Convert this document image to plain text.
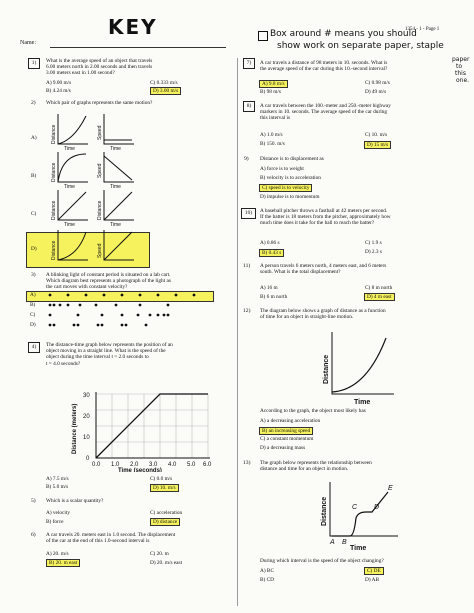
Name:
KEY	1354 - 1 - Page 1
Box around # means you should
show work on separate paper, staple
paper
to
this
one.
1)	What is the average speed of an object that travels
6.00 meters north in 2.00 seconds and then travels
3.00 meters east in 1.00 second?
A) 9.00 m/s
B) 4.24 m/s
C) 0.333 m/s
D) 3.00 m/s
2) Which pair of graphs represents the same motion?
A)
B)
C)
D)
Time	Time
Time	Time
Time	Time
Distance	Speed
Distance	Speed
Distance	Distance
Distance	Speed
3) A blinking light of constant period is situated on a lab cart.
Which diagram best represents a photograph of the light as
the cart moves with constant velocity?
A)
B)
C)
D)
4)	The distance-time graph below represents the position of an
object moving in a straight line. What is the speed of the
object during the time interval t = 2.0 seconds to
t = 4.0 seconds?
0
10
20
30
0.0 1.0 2.0 3.0 4.0 5.0 6.0
Time (seconds)
Distance (meters)
A) 7.5 m/s
B) 5.0 m/s
C) 0.0 m/s
D) 10. m/s
5) Which is a scalar quantity?
A) velocity
B) force
C) acceleration
D) distance
6) A car travels 20. meters east in 1.0 second. The displacement
of the car at the end of this 1.0-second interval is
A) 20. m/s
B) 20. m east
C) 20. m
D) 20. m/s east
7)	A car travels a distance of 98 meters in 10. seconds. What is
the average speed of the car during this 10.-second interval?
A) 9.8 m/s
B) 98 m/s
C) 0.98 m/s
D) 49 m/s
8)	A car travels between the 100.-meter and 250.-meter highway
markers in 10. seconds. The average speed of the car during
this interval is
A) 1.0 m/s
B) 150. m/s
C) 10. m/s
D) 15 m/s
9) Distance is to displacement as
A) force is to weight
B) velocity is to acceleration
C) speed is to velocity
D) impulse is to momentum
10)	A baseball pitcher throws a fastball at 42 meters per second.
If the batter is 18 meters from the pitcher, approximately how
much time does it take for the ball to reach the batter?
A) 0.86 s
B) 0.43 s
C) 1.9 s
D) 2.3 s
11) A person travels 6 meters north, 4 meters east, and 6 meters
south. What is the total displacement?
A) 16 m
B) 6 m north
C) 8 m north
D) 4 m east
12) The diagram below shows a graph of distance as a function
of time for an object in straight-line motion.
Time
Distance
According to the graph, the object most likely has
A) a decreasing acceleration
B) an increasing speed
C) a constant momentum
D) a decreasing mass
13) The graph below represents the relationship between
distance and time for an object in motion.
A B
C D
E
Time
Distance
During which interval is the speed of the object changing?
A) BC
B) CD
C) DE
D) AB
